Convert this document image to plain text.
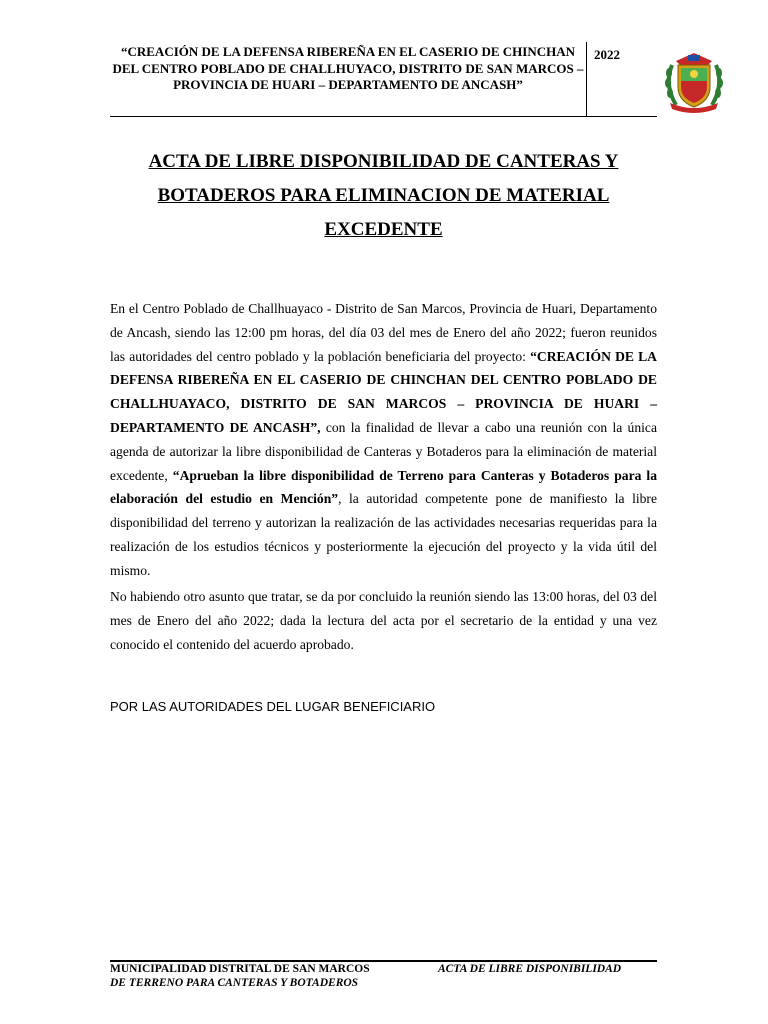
“CREACIÓN DE LA DEFENSA RIBEREÑA EN EL CASERIO DE CHINCHAN DEL CENTRO POBLADO DE CHALLHUYACO, DISTRITO DE SAN MARCOS – PROVINCIA DE HUARI – DEPARTAMENTO DE ANCASH”
2022
ACTA DE LIBRE DISPONIBILIDAD DE CANTERAS Y
BOTADEROS PARA ELIMINACION DE MATERIAL
EXCEDENTE
En el Centro Poblado de Challhuayaco - Distrito de San Marcos, Provincia de Huari, Departamento de Ancash, siendo las 12:00 pm horas, del día 03 del mes de Enero del año 2022; fueron reunidos las autoridades del centro poblado y la población beneficiaria del proyecto: “CREACIÓN DE LA DEFENSA RIBEREÑA EN EL CASERIO DE CHINCHAN DEL CENTRO POBLADO DE CHALLHUAYACO, DISTRITO DE SAN MARCOS – PROVINCIA DE HUARI – DEPARTAMENTO DE ANCASH”, con la finalidad de llevar a cabo una reunión con la única agenda de autorizar la libre disponibilidad de Canteras y Botaderos para la eliminación de material excedente, “Aprueban la libre disponibilidad de Terreno para Canteras y Botaderos para la elaboración del estudio en Mención”, la autoridad competente pone de manifiesto la libre disponibilidad del terreno y autorizan la realización de las actividades necesarias requeridas para la realización de los estudios técnicos y posteriormente la ejecución del proyecto y la vida útil del mismo.
No habiendo otro asunto que tratar, se da por concluido la reunión siendo las 13:00 horas, del 03 del mes de Enero del año 2022; dada la lectura del acta por el secretario de la entidad y una vez conocido el contenido del acuerdo aprobado.
POR LAS AUTORIDADES DEL LUGAR BENEFICIARIO
MUNICIPALIDAD DISTRITAL DE SAN MARCOS	ACTA DE LIBRE DISPONIBILIDAD
DE TERRENO PARA CANTERAS Y BOTADEROS
